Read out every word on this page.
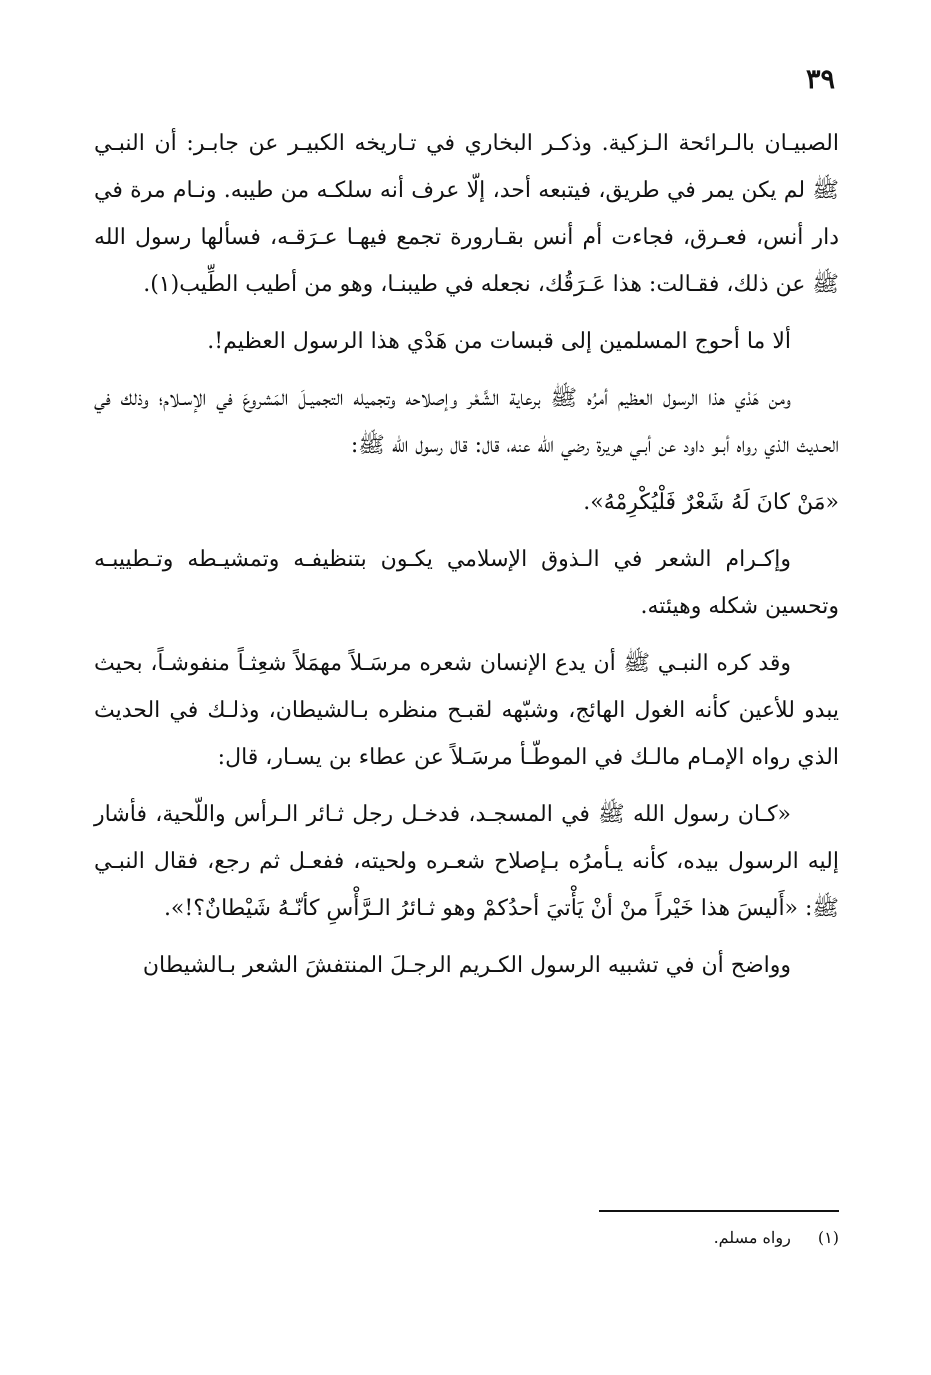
٣٩

الصبيـان بالـرائحة الـزكية. وذكـر البخاري في تـاريخه الكبيـر عن جابـر: أن النبـي ﷺ لم يكن يمر في طريق، فيتبعه أحد، إلّا عرف أنه سلكـه من طيبه. ونـام مرة في دار أنس، فعـرق، فجاءت أم أنس بقـارورة تجمع فيهـا عـرَقـه، فسألها رسول الله ﷺ عن ذلك، فقـالت: هذا عَـرَقُك، نجعله في طيبنـا، وهو من أطيب الطِّيب(١).

ألا ما أحوج المسلمين إلى قبسات من هَدْي هذا الرسول العظيم!.

ومن هَدْي هذا الرسول العظيم أمرُه ﷺ برعاية الشَّعْر وإصلاحه وتجميله التجميـلَ المَشروعَ في الإسـلام؛ وذلك في الحـديث الذي رواه أبـو داود عن أبـي هريرة رضي الله عنه، قال: قال رسول الله ﷺ:

«مَنْ كانَ لَهُ شَعْرٌ فَلْيُكْرِمْهُ».

وإكـرام الشعر في الـذوق الإسلامي يكـون بتنظيفـه وتمشيـطه وتـطييبـه وتحسين شكله وهيئته.

وقد كره النبـي ﷺ أن يدع الإنسان شعره مرسَـلاً مهمَلاً شعِثـاً منفوشـاً، بحيث يبدو للأعين كأنه الغول الهائج، وشبّهه لقبـح منظره بـالشيطان، وذلـك في الحديث الذي رواه الإمـام مالـك في الموطّـأ مرسَـلاً عن عطاء بن يسـار، قال:

«كـان رسول الله ﷺ في المسجـد، فدخـل رجل ثـائر الـرأس واللّحية، فأشار إليه الرسول بيده، كأنه يـأمرُه بـإصلاح شعـره ولحيته، ففعـل ثم رجع، فقال النبـي ﷺ: «أَليسَ هذا خَيْراً منْ أنْ يَأْتيَ أحدُكمْ وهو ثـائرُ الـرَّأْسِ كأنّـهُ شَيْطانٌ؟!».

وواضح أن في تشبيه الرسول الكـريم الرجـلَ المنتفشَ الشعر بـالشيطان

(١) رواه مسلم.
